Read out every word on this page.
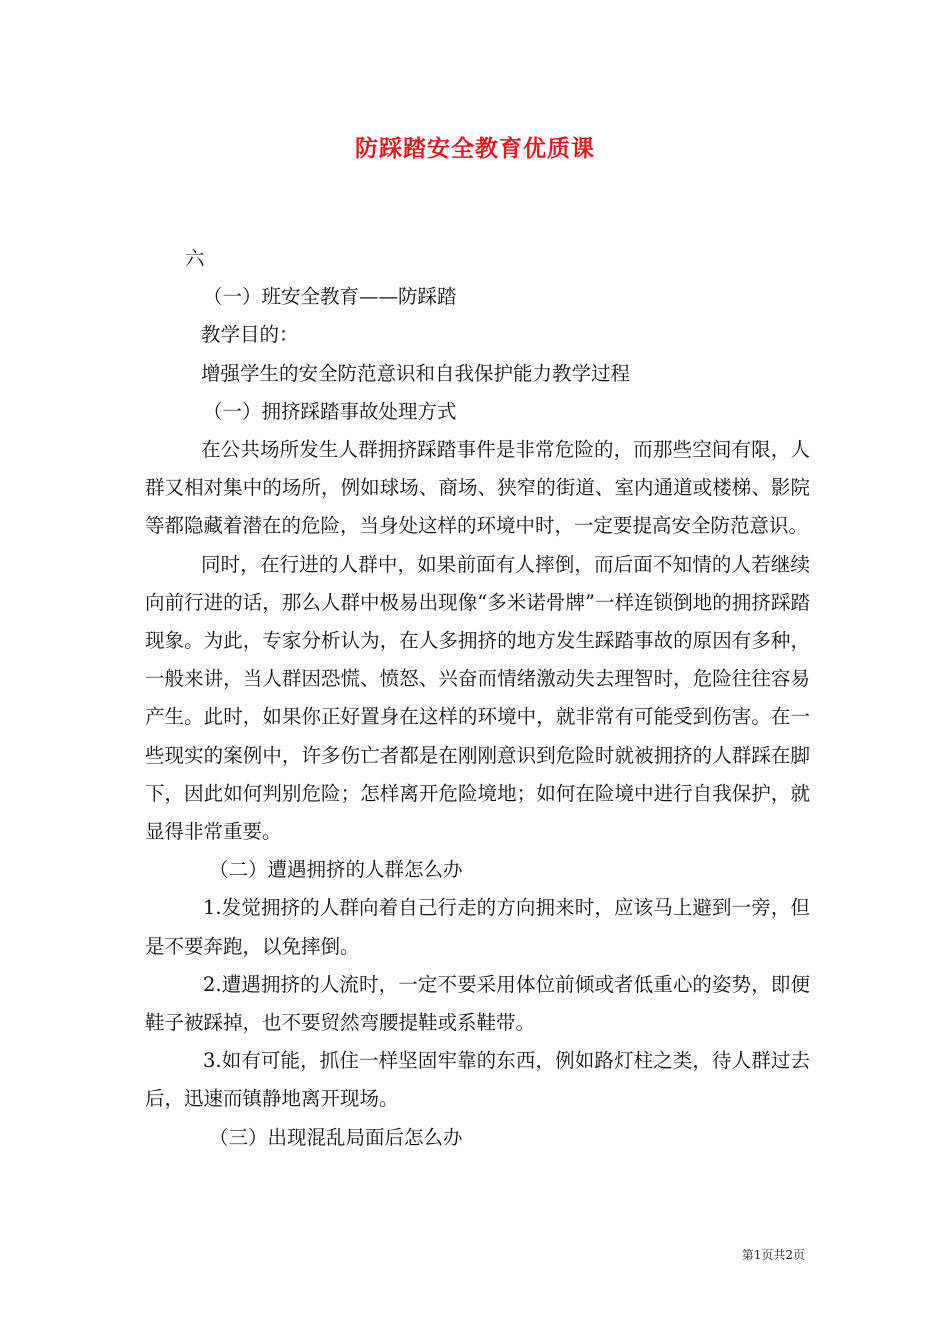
防踩踏安全教育优质课

六

（一）班安全教育——防踩踏

教学目的：

增强学生的安全防范意识和自我保护能力教学过程

（一）拥挤踩踏事故处理方式

在公共场所发生人群拥挤踩踏事件是非常危险的，而那些空间有限，人群又相对集中的场所，例如球场、商场、狭窄的街道、室内通道或楼梯、影院等都隐藏着潜在的危险，当身处这样的环境中时，一定要提高安全防范意识。

同时，在行进的人群中，如果前面有人摔倒，而后面不知情的人若继续向前行进的话，那么人群中极易出现像“多米诺骨牌”一样连锁倒地的拥挤踩踏现象。为此，专家分析认为，在人多拥挤的地方发生踩踏事故的原因有多种，一般来讲，当人群因恐慌、愤怒、兴奋而情绪激动失去理智时，危险往往容易产生。此时，如果你正好置身在这样的环境中，就非常有可能受到伤害。在一些现实的案例中，许多伤亡者都是在刚刚意识到危险时就被拥挤的人群踩在脚下，因此如何判别危险；怎样离开危险境地；如何在险境中进行自我保护，就显得非常重要。

（二）遭遇拥挤的人群怎么办

1.发觉拥挤的人群向着自己行走的方向拥来时，应该马上避到一旁，但是不要奔跑，以免摔倒。

2.遭遇拥挤的人流时，一定不要采用体位前倾或者低重心的姿势，即便鞋子被踩掉，也不要贸然弯腰提鞋或系鞋带。

3.如有可能，抓住一样坚固牢靠的东西，例如路灯柱之类，待人群过去后，迅速而镇静地离开现场。

（三）出现混乱局面后怎么办

第1页共2页
